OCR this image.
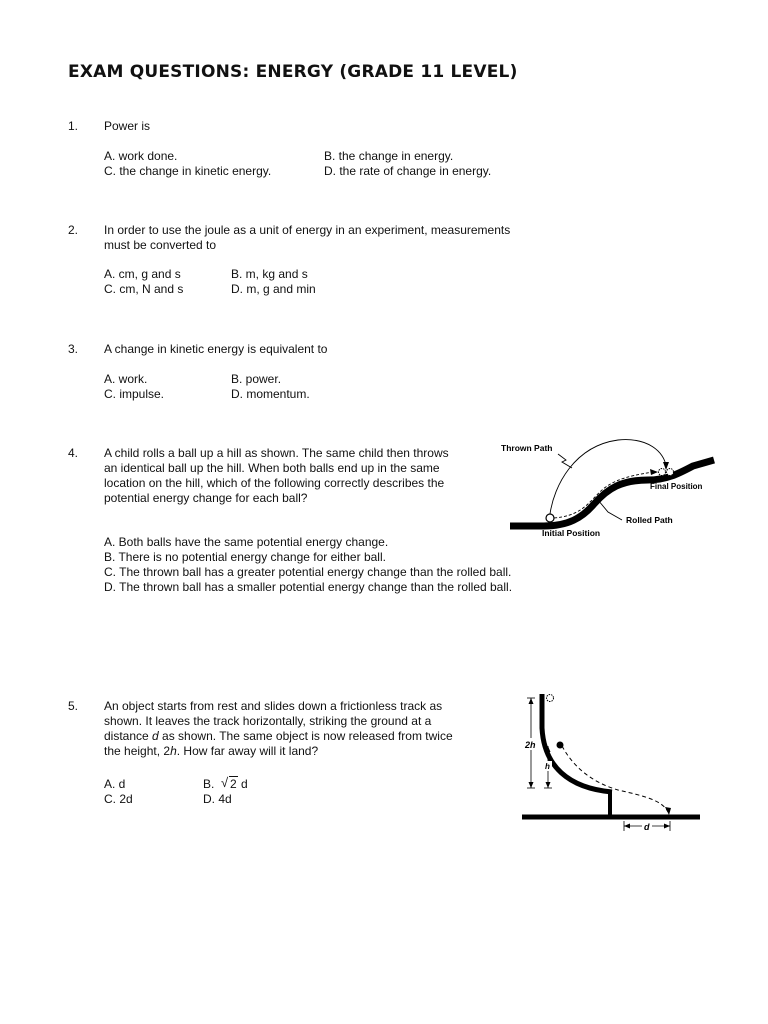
EXAM QUESTIONS: ENERGY (GRADE 11 LEVEL)
1. Power is
A. work done.	B. the change in energy.
C. the change in kinetic energy.	D. the rate of change in energy.
2. In order to use the joule as a unit of energy in an experiment, measurements
must be converted to
A. cm, g and s	B. m, kg and s
C. cm, N and s	D. m, g and min
3. A change in kinetic energy is equivalent to
A. work.	B. power.
C. impulse.	D. momentum.
4. A child rolls a ball up a hill as shown. The same child then throws
an identical ball up the hill. When both balls end up in the same
location on the hill, which of the following correctly describes the
potential energy change for each ball?
A. Both balls have the same potential energy change.
B. There is no potential energy change for either ball.
C. The thrown ball has a greater potential energy change than the rolled ball.
D. The thrown ball has a smaller potential energy change than the rolled ball.
Thrown Path
Final Position
Rolled Path
Initial Position
5. An object starts from rest and slides down a frictionless track as
shown. It leaves the track horizontally, striking the ground at a
distance d as shown. The same object is now released from twice
the height, 2h. How far away will it land?
A. d	B. √ 2 d
C. 2d	D. 4d
2h
h
d
